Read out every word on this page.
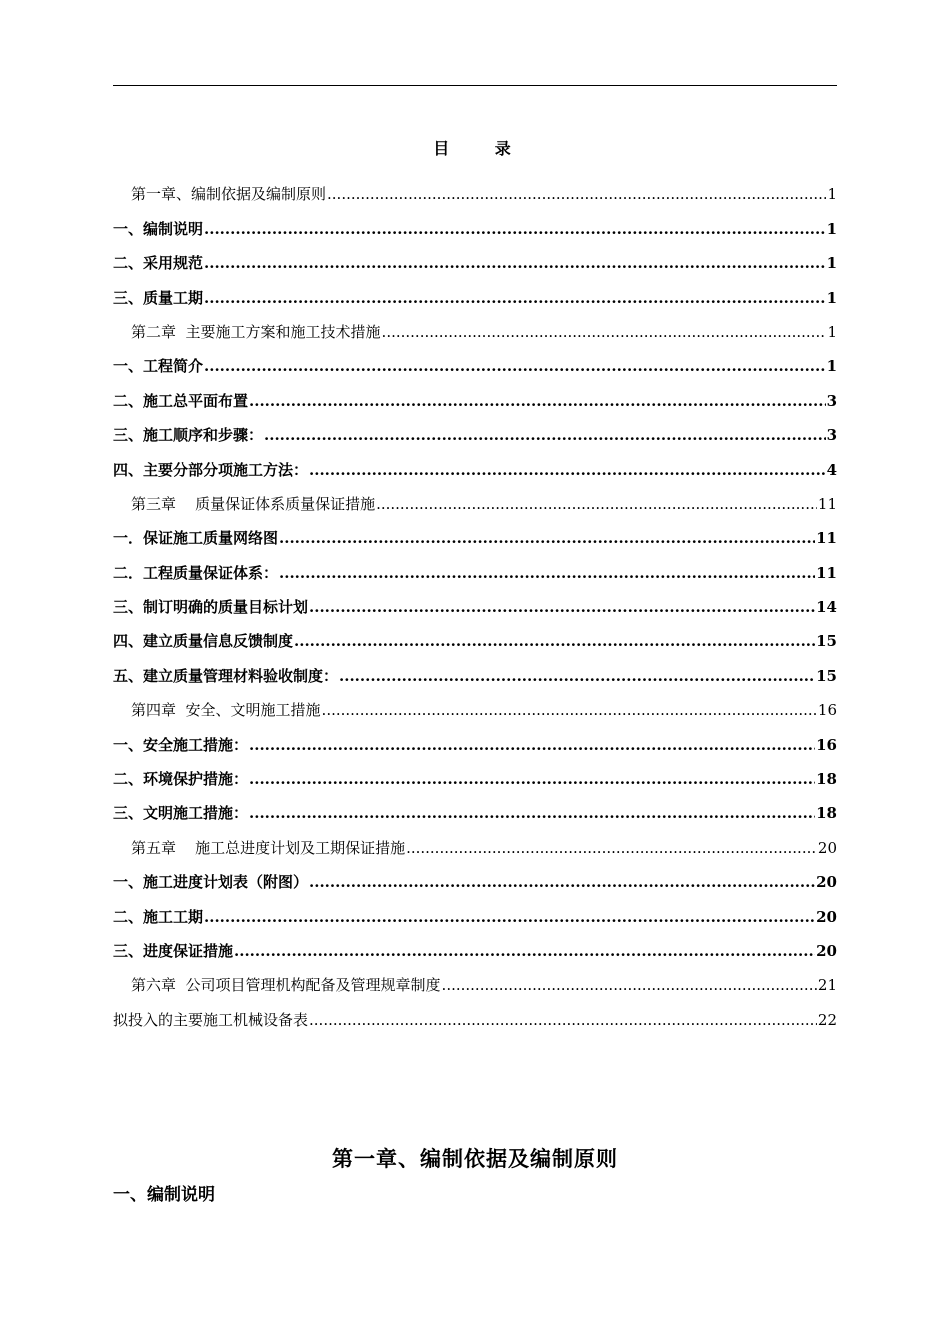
目 录
第一章、编制依据及编制原则 .....	1
一、编制说明 .....	1
二、采用规范 .....	1
三、质量工期 .....	1
第二章  主要施工方案和施工技术措施 .....	1
一、工程简介 .....	1
二、施工总平面布置 .....	3
三、施工顺序和步骤： .....	3
四、主要分部分项施工方法： .....	4
第三章    质量保证体系质量保证措施 .....	11
一．保证施工质量网络图 .....	11
二．工程质量保证体系： .....	11
三、制订明确的质量目标计划 .....	14
四、建立质量信息反馈制度 .....	15
五、建立质量管理材料验收制度： .....	15
第四章  安全、文明施工措施 .....	16
一、安全施工措施： .....	16
二、环境保护措施： .....	18
三、文明施工措施： .....	18
第五章    施工总进度计划及工期保证措施 .....	20
一、施工进度计划表（附图） .....	20
二、施工工期 .....	20
三、进度保证措施 .....	20
第六章  公司项目管理机构配备及管理规章制度 .....	21
拟投入的主要施工机械设备表 .....	22
第一章、编制依据及编制原则
一、编制说明
